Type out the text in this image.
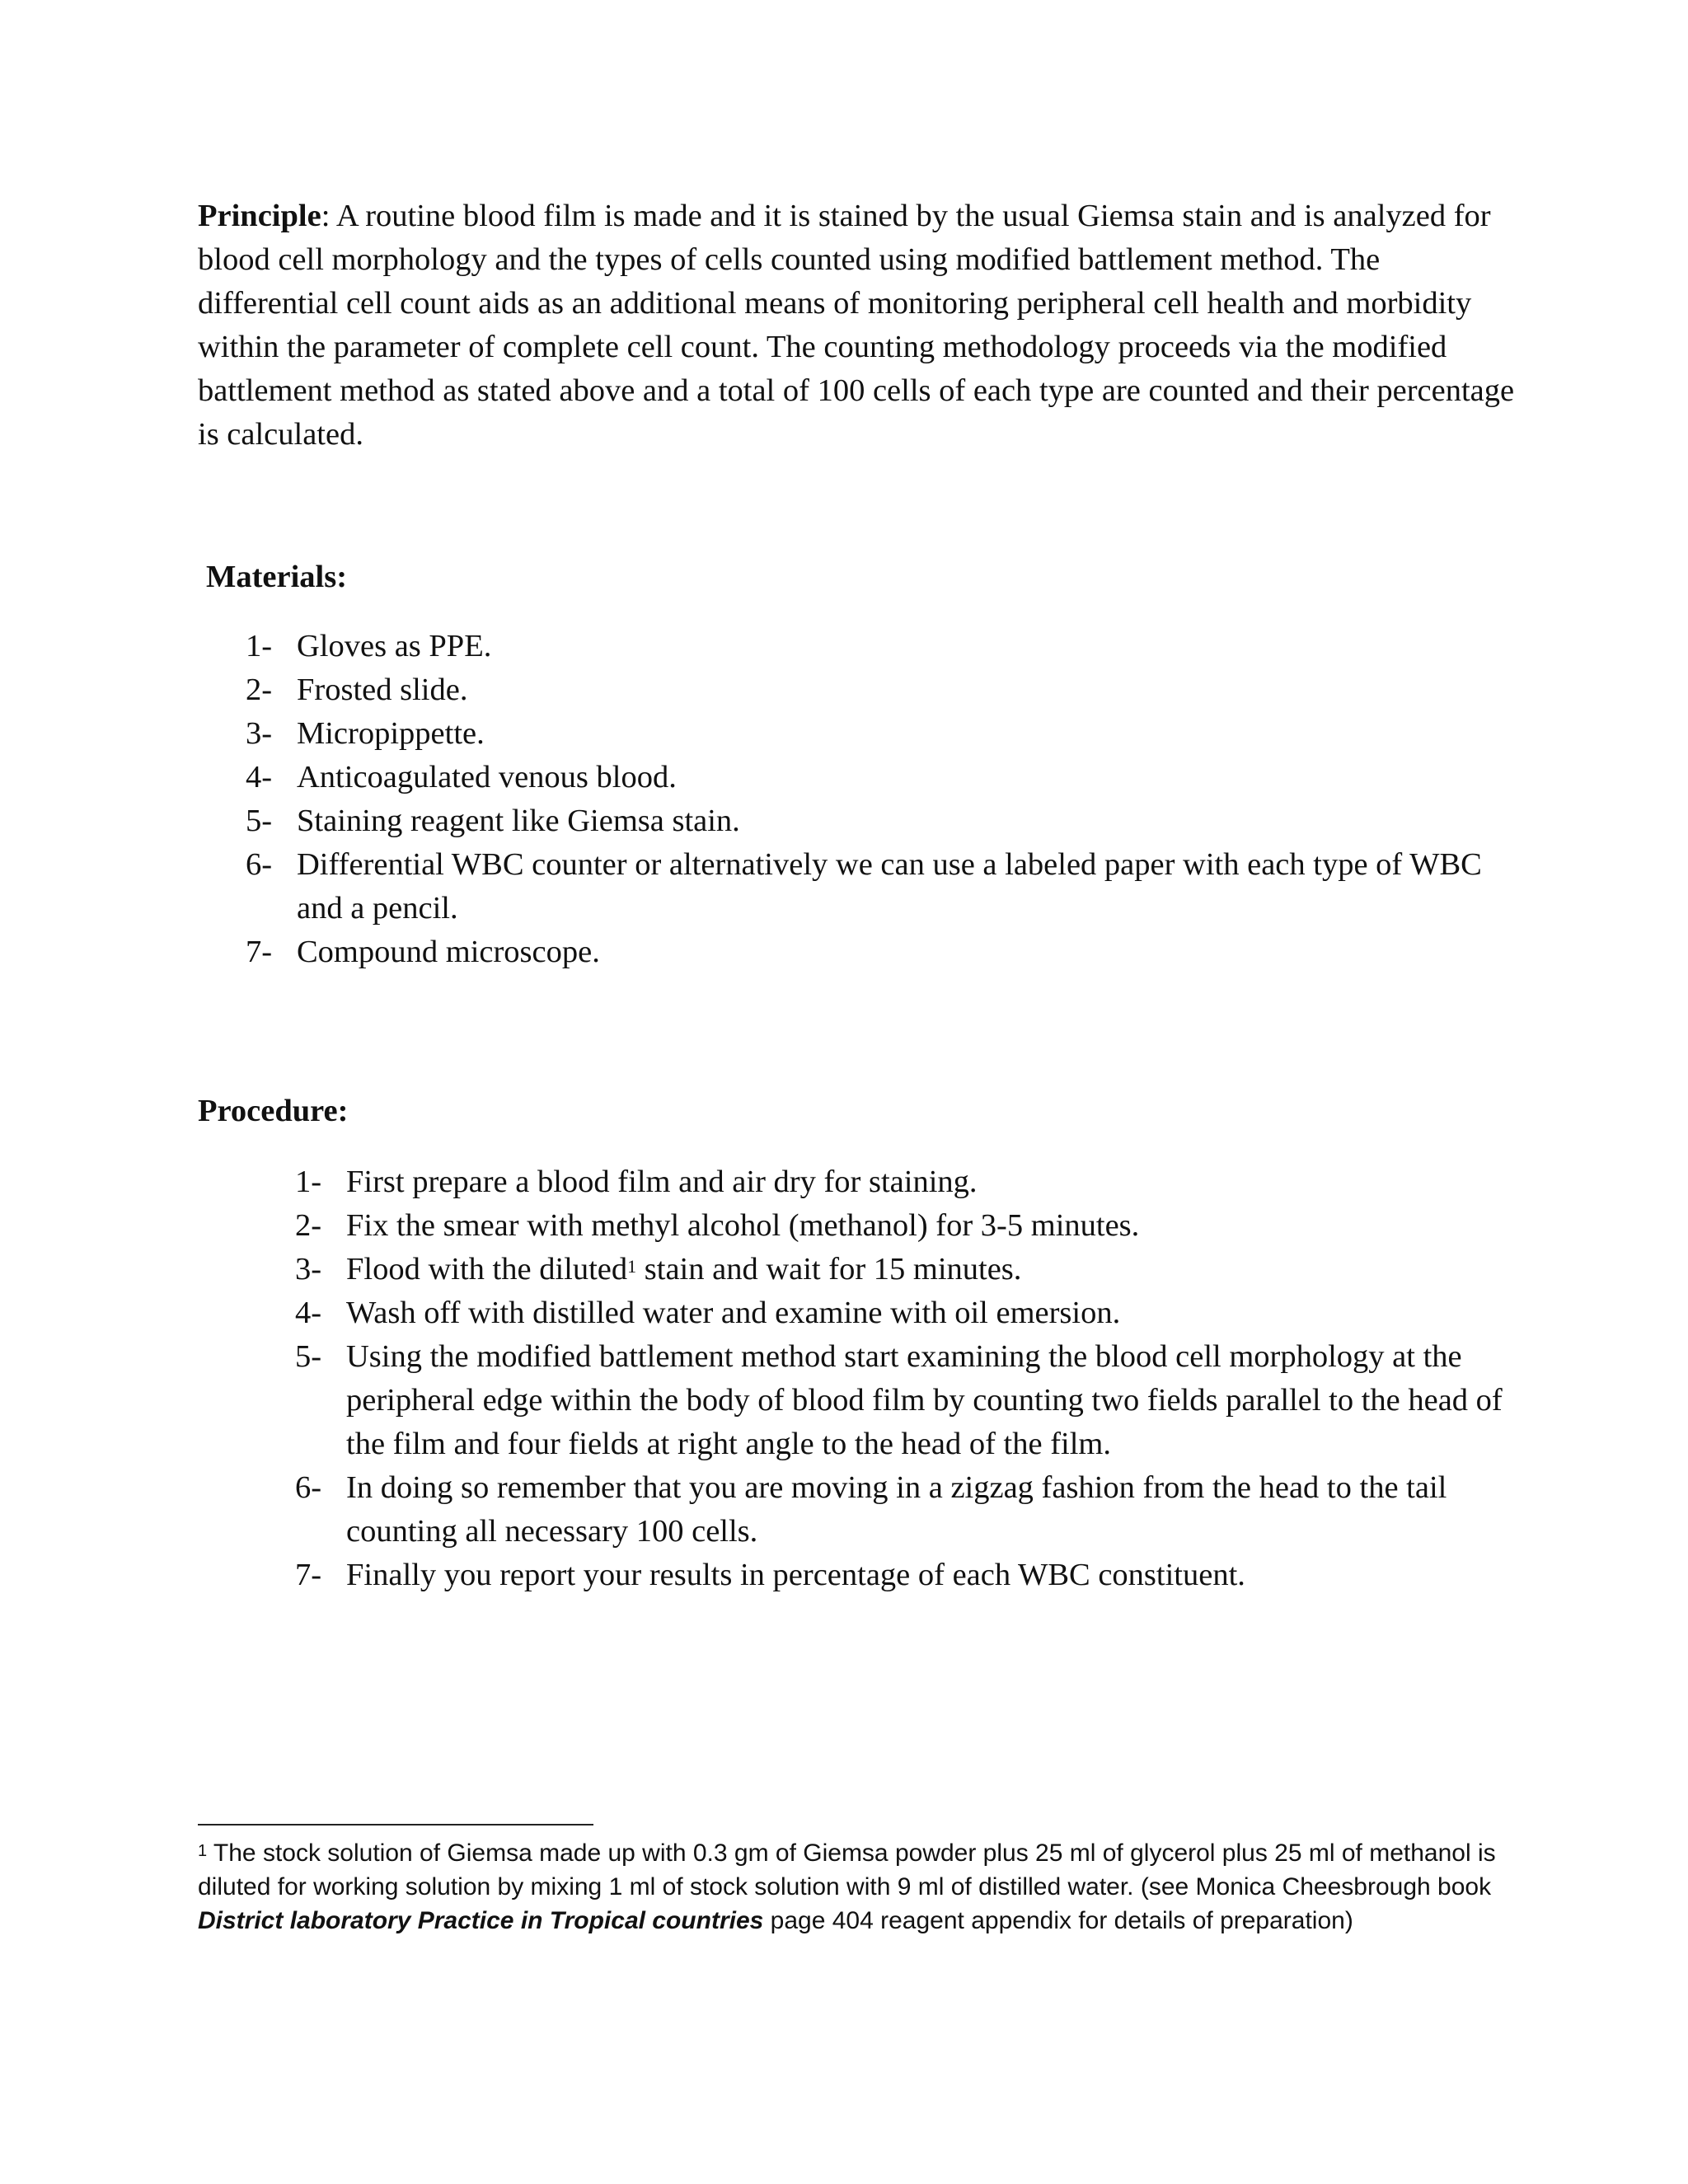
Principle: A routine blood film is made and it is stained by the usual Giemsa stain and is analyzed for blood cell morphology and the types of cells counted using modified battlement method. The differential cell count aids as an additional means of monitoring peripheral cell health and morbidity within the parameter of complete cell count. The counting methodology proceeds via the modified battlement method as stated above and a total of 100 cells of each type are counted and their percentage is calculated.

Materials:
1- Gloves as PPE.
2- Frosted slide.
3- Micropippette.
4- Anticoagulated venous blood.
5- Staining reagent like Giemsa stain.
6- Differential WBC counter or alternatively we can use a labeled paper with each type of WBC and a pencil.
7- Compound microscope.
Procedure:
1- First prepare a blood film and air dry for staining.
2- Fix the smear with methyl alcohol (methanol) for 3-5 minutes.
3- Flood with the diluted$^1$ stain and wait for 15 minutes.
4- Wash off with distilled water and examine with oil emersion.
5- Using the modified battlement method start examining the blood cell morphology at the peripheral edge within the body of blood film by counting two fields parallel to the head of the film and four fields at right angle to the head of the film.
6- In doing so remember that you are moving in a zigzag fashion from the head to the tail counting all necessary 100 cells.
7- Finally you report your results in percentage of each WBC constituent.

$^1$ The stock solution of Giemsa made up with 0.3 gm of Giemsa powder plus 25 ml of glycerol plus 25 ml of methanol is diluted for working solution by mixing 1 ml of stock solution with 9 ml of distilled water. (see Monica Cheesbrough book District laboratory Practice in Tropical countries page 404 reagent appendix for details of preparation)
